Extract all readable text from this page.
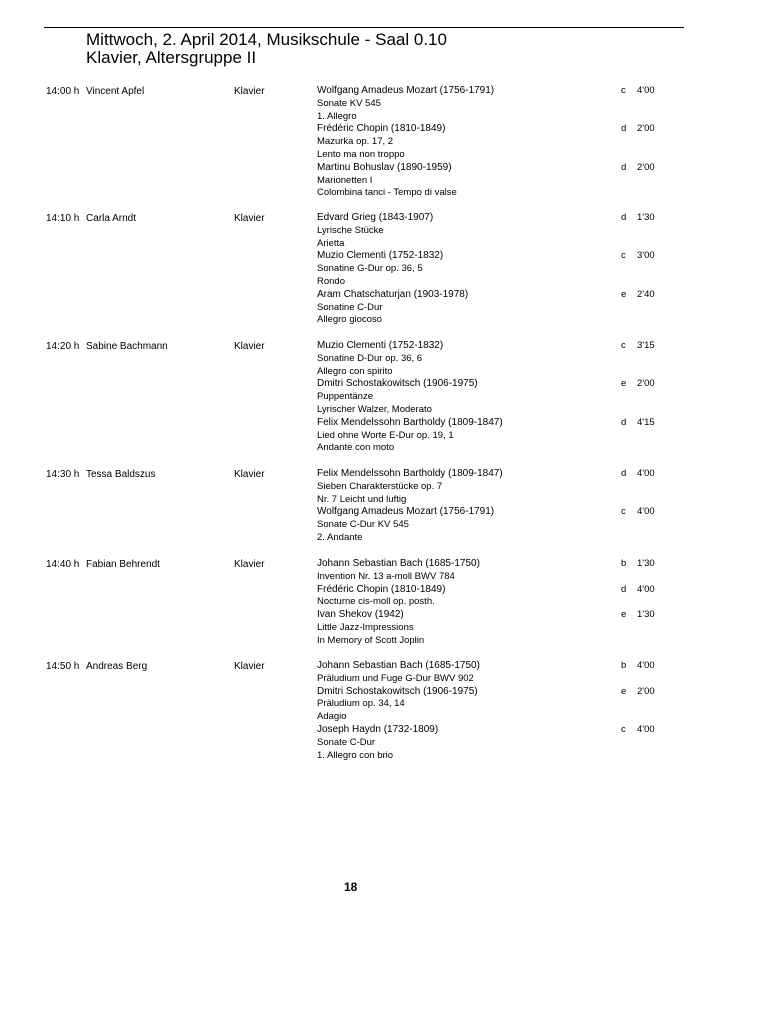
Mittwoch, 2. April 2014, Musikschule - Saal 0.10
Klavier, Altersgruppe II
14:00 h Vincent Apfel	Klavier	Wolfgang Amadeus Mozart (1756-1791)	c 4'00
Sonate KV 545
1. Allegro
Frédéric Chopin (1810-1849)	d 2'00
Mazurka op. 17, 2
Lento ma non troppo
Martinu Bohuslav (1890-1959)	d 2'00
Marionetten I
Colombina tanci - Tempo di valse
14:10 h Carla Arndt	Klavier	Edvard Grieg (1843-1907)	d 1'30
Lyrische Stücke
Arietta
Muzio Clementi (1752-1832)	c 3'00
Sonatine G-Dur op. 36, 5
Rondo
Aram Chatschaturjan (1903-1978)	e 2'40
Sonatine C-Dur
Allegro giocoso
14:20 h Sabine Bachmann	Klavier	Muzio Clementi (1752-1832)	c 3'15
Sonatine D-Dur op. 36, 6
Allegro con spirito
Dmitri Schostakowitsch (1906-1975)	e 2'00
Puppentänze
Lyrischer Walzer, Moderato
Felix Mendelssohn Bartholdy (1809-1847)	d 4'15
Lied ohne Worte E-Dur op. 19, 1
Andante con moto
14:30 h Tessa Baldszus	Klavier	Felix Mendelssohn Bartholdy (1809-1847)	d 4'00
Sieben Charakterstücke op. 7
Nr. 7 Leicht und luftig
Wolfgang Amadeus Mozart (1756-1791)	c 4'00
Sonate C-Dur KV 545
2. Andante
14:40 h Fabian Behrendt	Klavier	Johann Sebastian Bach (1685-1750)	b 1'30
Invention Nr. 13 a-moll BWV 784
Frédéric Chopin (1810-1849)	d 4'00
Nocturne cis-moll op. posth.
Ivan Shekov (1942)	e 1'30
Little Jazz-Impressions
In Memory of Scott Joplin
14:50 h Andreas Berg	Klavier	Johann Sebastian Bach (1685-1750)	b 4'00
Präludium und Fuge G-Dur BWV 902
Dmitri Schostakowitsch (1906-1975)	e 2'00
Präludium op. 34, 14
Adagio
Joseph Haydn (1732-1809)	c 4'00
Sonate C-Dur
1. Allegro con brio
18
